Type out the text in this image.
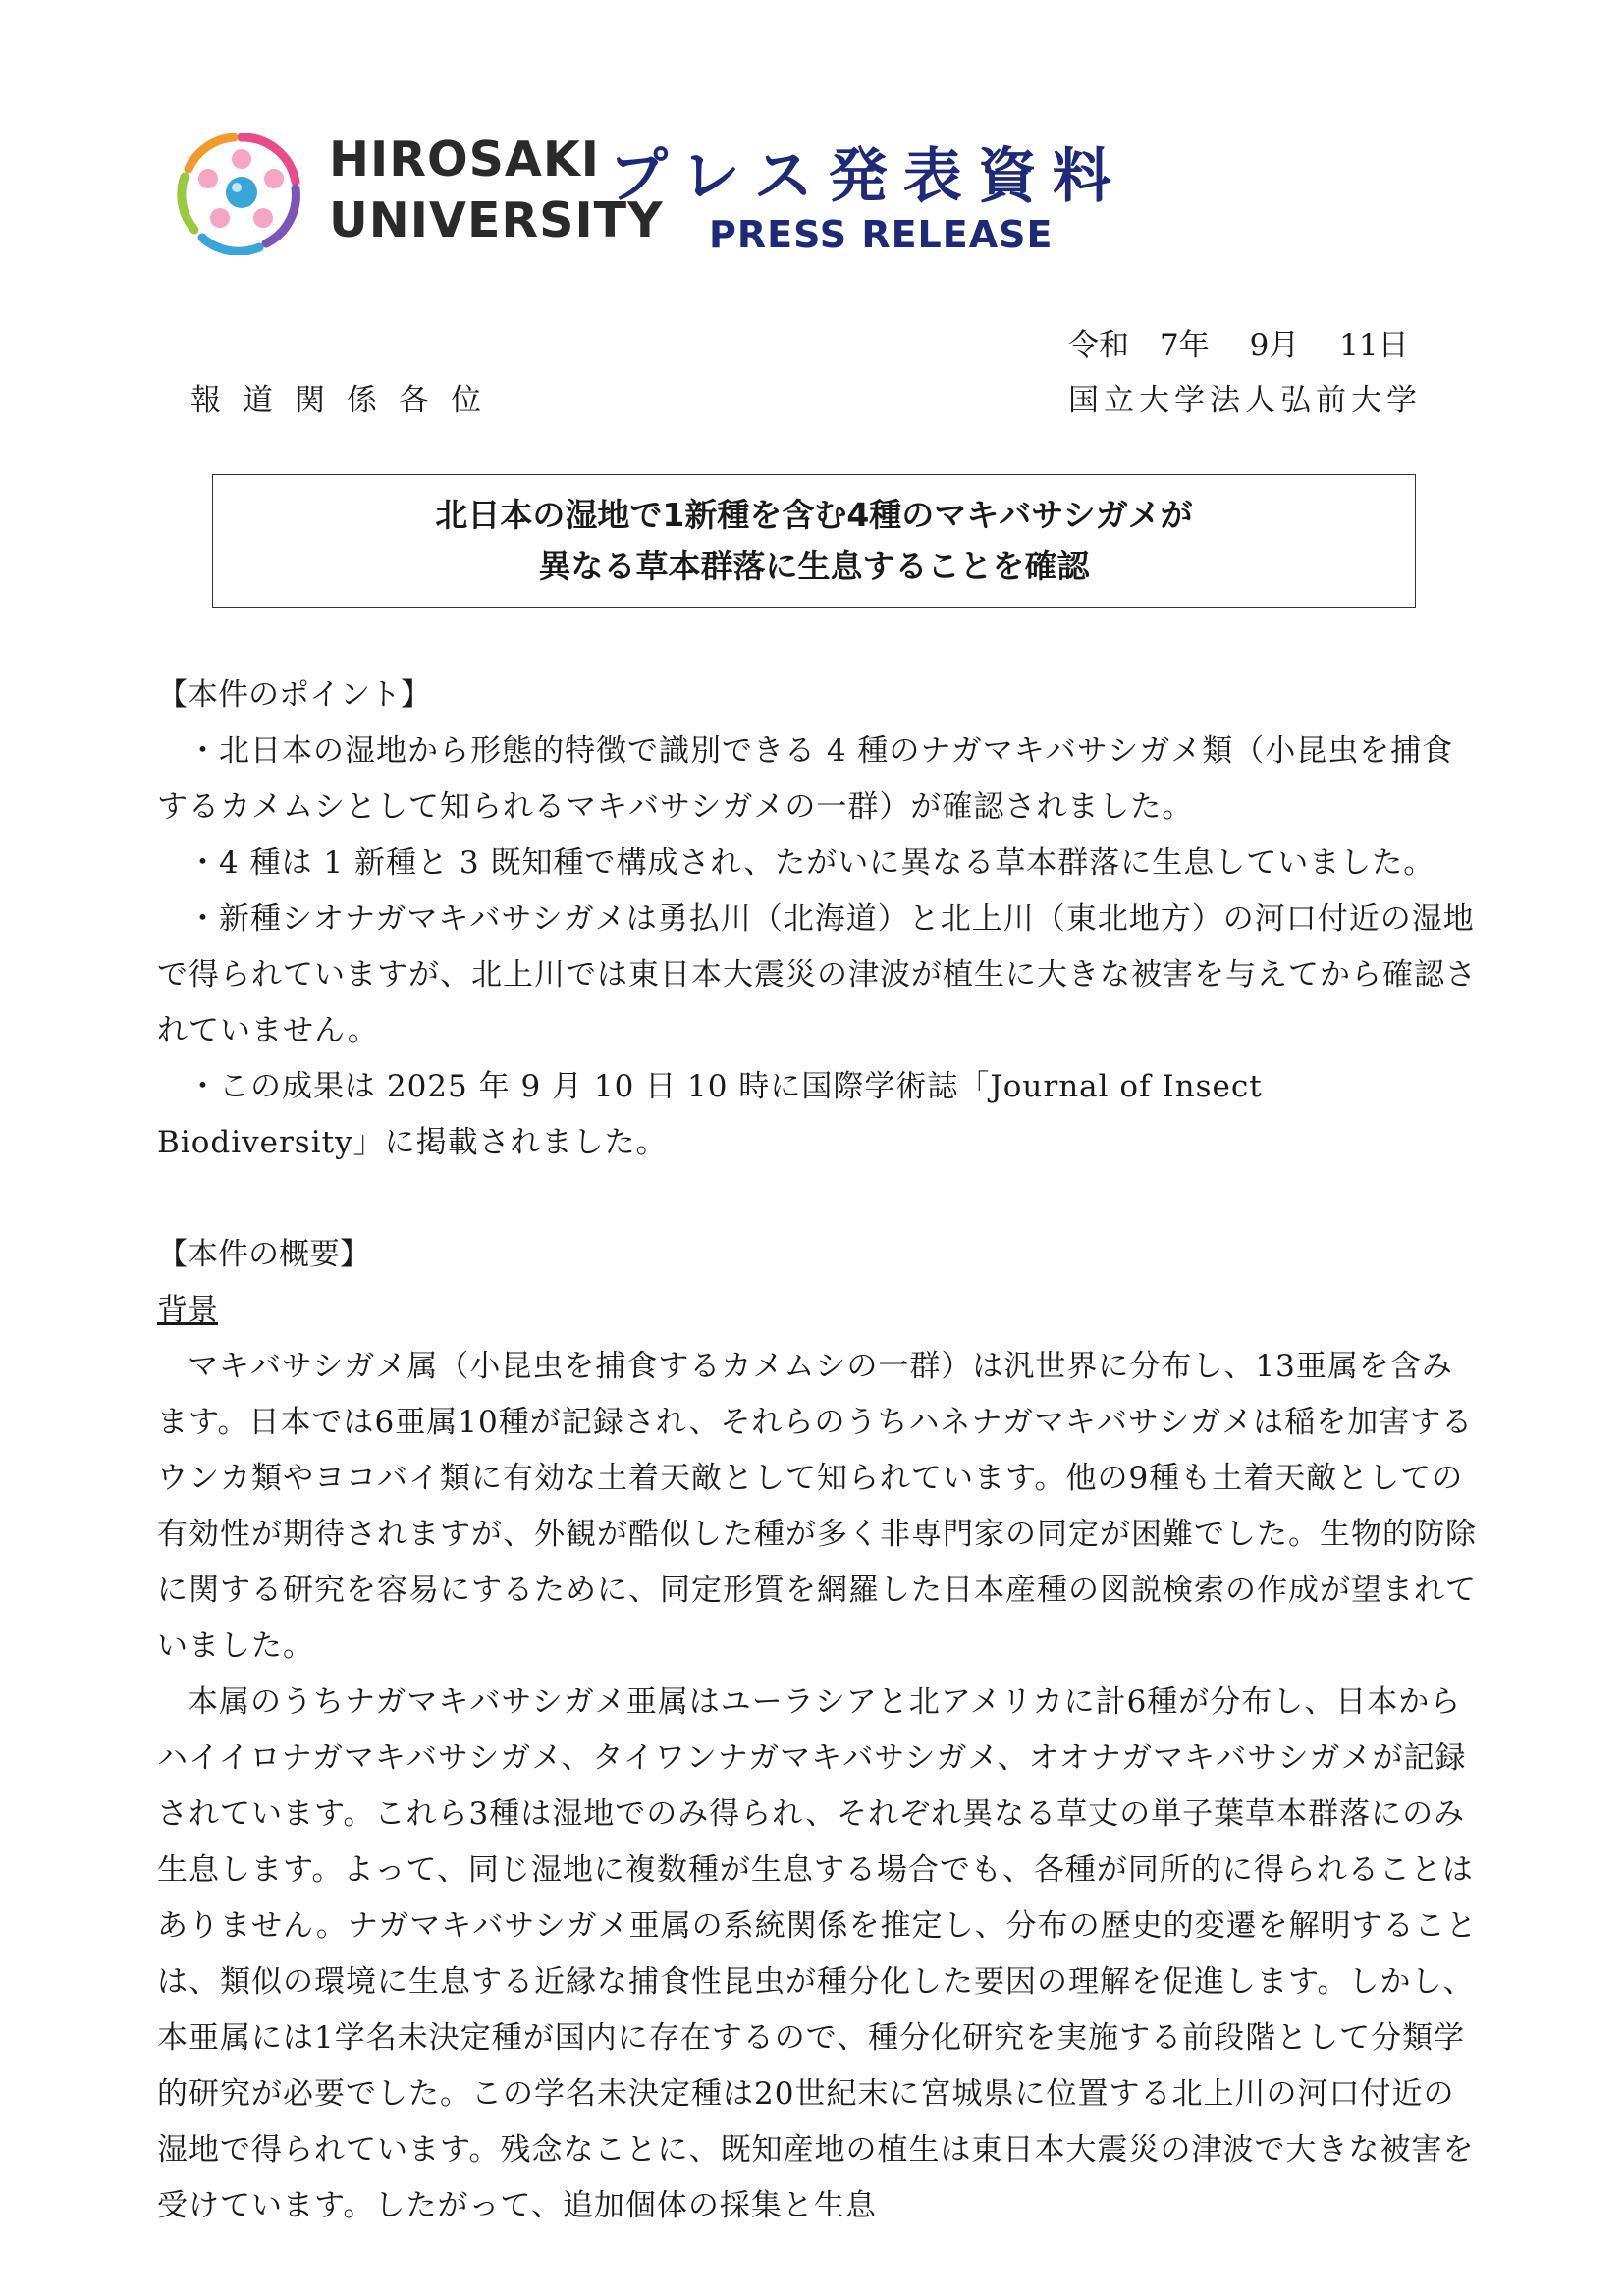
HIROSAKI
UNIVERSITY
プレス発表資料
PRESS RELEASE
令和　7年　 9月　 11日
報道関係各位	国立大学法人弘前大学
北日本の湿地で1新種を含む4種のマキバサシガメが
異なる草本群落に生息することを確認
【本件のポイント】
・北日本の湿地から形態的特徴で識別できる 4 種のナガマキバサシガメ類（小昆虫を捕食するカメムシとして知られるマキバサシガメの一群）が確認されました。
・4 種は 1 新種と 3 既知種で構成され、たがいに異なる草本群落に生息していました。
・新種シオナガマキバサシガメは勇払川（北海道）と北上川（東北地方）の河口付近の湿地で得られていますが、北上川では東日本大震災の津波が植生に大きな被害を与えてから確認されていません。
・この成果は 2025 年 9 月 10 日 10 時に国際学術誌「Journal of Insect Biodiversity」に掲載されました。
【本件の概要】
背景
マキバサシガメ属（小昆虫を捕食するカメムシの一群）は汎世界に分布し、13亜属を含みます。日本では6亜属10種が記録され、それらのうちハネナガマキバサシガメは稲を加害するウンカ類やヨコバイ類に有効な土着天敵として知られています。他の9種も土着天敵としての有効性が期待されますが、外観が酷似した種が多く非専門家の同定が困難でした。生物的防除に関する研究を容易にするために、同定形質を網羅した日本産種の図説検索の作成が望まれていました。
本属のうちナガマキバサシガメ亜属はユーラシアと北アメリカに計6種が分布し、日本からハイイロナガマキバサシガメ、タイワンナガマキバサシガメ、オオナガマキバサシガメが記録されています。これら3種は湿地でのみ得られ、それぞれ異なる草丈の単子葉草本群落にのみ生息します。よって、同じ湿地に複数種が生息する場合でも、各種が同所的に得られることはありません。ナガマキバサシガメ亜属の系統関係を推定し、分布の歴史的変遷を解明することは、類似の環境に生息する近縁な捕食性昆虫が種分化した要因の理解を促進します。しかし、本亜属には1学名未決定種が国内に存在するので、種分化研究を実施する前段階として分類学的研究が必要でした。この学名未決定種は20世紀末に宮城県に位置する北上川の河口付近の湿地で得られています。残念なことに、既知産地の植生は東日本大震災の津波で大きな被害を受けています。したがって、追加個体の採集と生息
